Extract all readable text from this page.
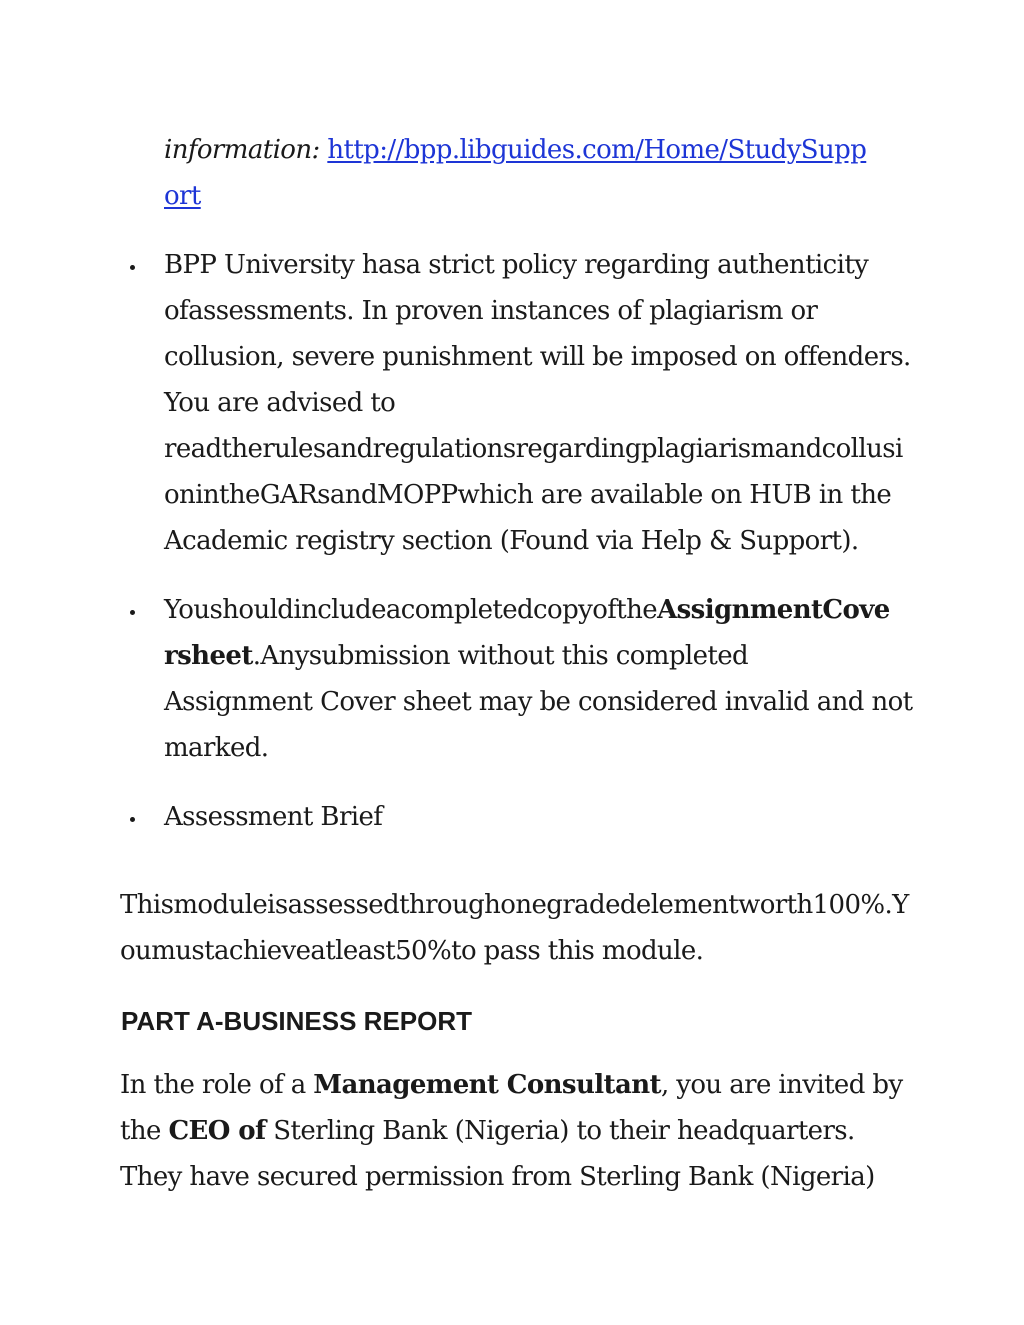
information: http://bpp.libguides.com/Home/StudySupp
ort
BPP University hasa strict policy regarding authenticity
ofassessments. In proven instances of plagiarism or
collusion, severe punishment will be imposed on offenders.
You are advised to
readtherulesandregulationsregardingplagiarismandcollusi
onintheGARsandMOPPwhich are available on HUB in the
Academic registry section (Found via Help & Support).
YoushouldincludeacompletedcopyoftheAssignmentCove
rsheet.Anysubmission without this completed
Assignment Cover sheet may be considered invalid and not
marked.
Assessment Brief
Thismoduleisassessedthroughonegradedelementworth100%.Y
oumustachieveatleast50%to pass this module.
PART A-BUSINESS REPORT
In the role of a Management Consultant, you are invited by
the CEO of Sterling Bank (Nigeria) to their headquarters.
They have secured permission from Sterling Bank (Nigeria)
